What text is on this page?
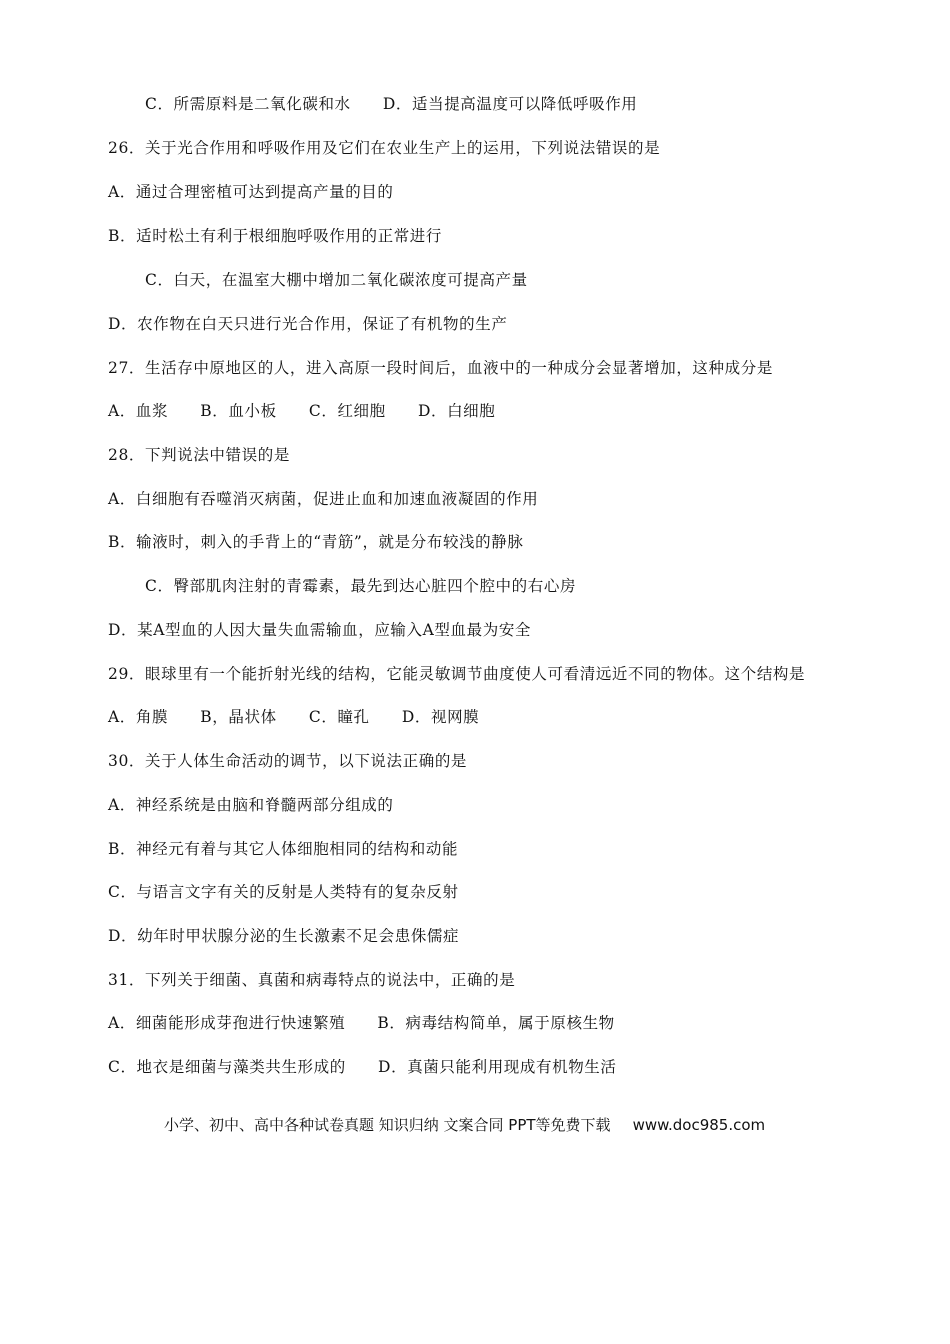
C．所需原料是二氧化碳和水　　D．适当提高温度可以降低呼吸作用
26．关于光合作用和呼吸作用及它们在农业生产上的运用，下列说法错误的是
A．通过合理密植可达到提高产量的目的
B．适时松土有利于根细胞呼吸作用的正常进行
C．白天，在温室大棚中增加二氧化碳浓度可提高产量
D．农作物在白天只进行光合作用，保证了有机物的生产
27．生活存中原地区的人，进入高原一段时间后，血液中的一种成分会显著增加，这种成分是
A．血浆　　B．血小板　　C．红细胞　　D．白细胞
28．下判说法中错误的是
A．白细胞有吞噬消灭病菌，促进止血和加速血液凝固的作用
B．输液时，刺入的手背上的“青筋”，就是分布较浅的静脉
C．臀部肌肉注射的青霉素，最先到达心脏四个腔中的右心房
D．某A型血的人因大量失血需输血，应输入A型血最为安全
29．眼球里有一个能折射光线的结构，它能灵敏调节曲度使人可看清远近不同的物体。这个结构是
A．角膜　　B，晶状体　　C．瞳孔　　D．视网膜
30．关于人体生命活动的调节，以下说法正确的是
A．神经系统是由脑和脊髓两部分组成的
B．神经元有着与其它人体细胞相同的结构和动能
C．与语言文字有关的反射是人类特有的复杂反射
D．幼年时甲状腺分泌的生长激素不足会患侏儒症
31．下列关于细菌、真菌和病毒特点的说法中，正确的是
A．细菌能形成芽孢进行快速繁殖　　B．病毒结构简单，属于原核生物
C．地衣是细菌与藻类共生形成的　　D．真菌只能利用现成有机物生活
小学、初中、高中各种试卷真题 知识归纳 文案合同 PPT等免费下载 www.doc985.com
